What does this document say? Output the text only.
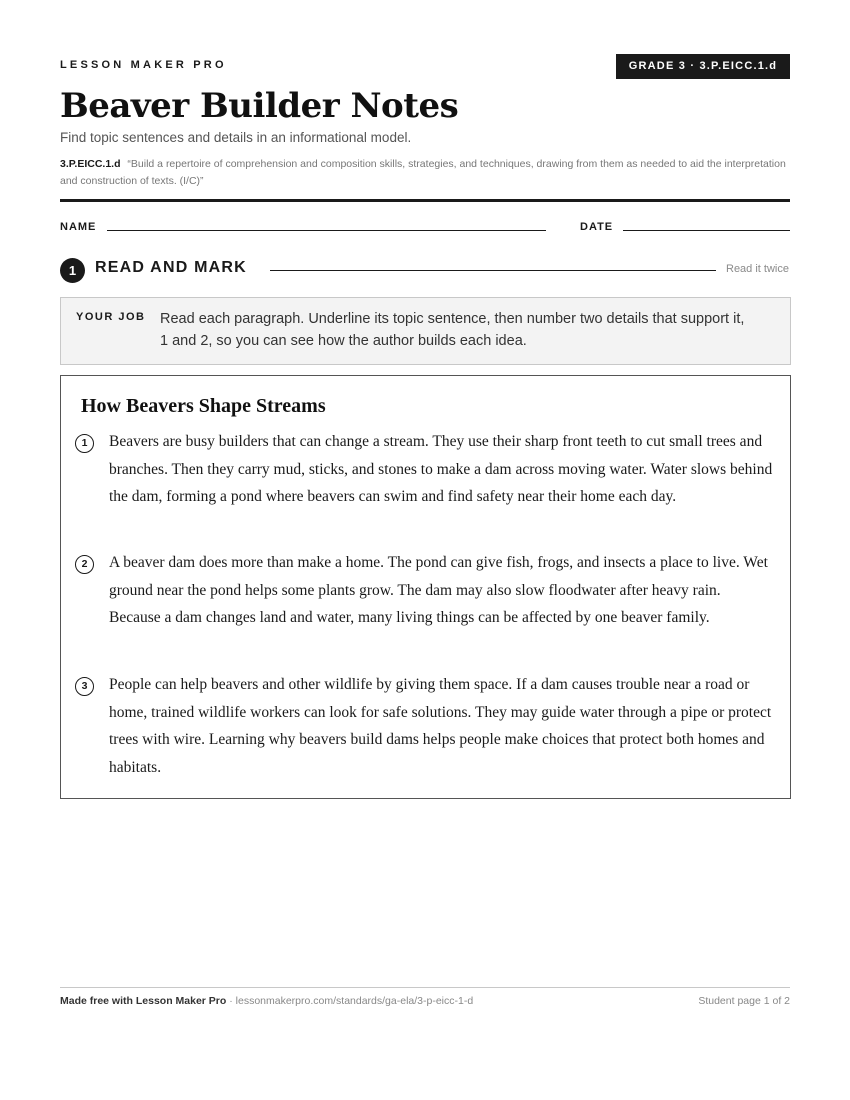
LESSON MAKER PRO	GRADE 3 · 3.P.EICC.1.d
Beaver Builder Notes
Find topic sentences and details in an informational model.
3.P.EICC.1.d “Build a repertoire of comprehension and composition skills, strategies, and techniques, drawing from them as needed to aid the interpretation and construction of texts. (I/C)”
NAME	DATE
1	READ AND MARK	Read it twice
YOUR JOB Read each paragraph. Underline its topic sentence, then number two details that support it, 1 and 2, so you can see how the author builds each idea.
How Beavers Shape Streams
1	Beavers are busy builders that can change a stream. They use their sharp front teeth to cut small trees and branches. Then they carry mud, sticks, and stones to make a dam across moving water. Water slows behind the dam, forming a pond where beavers can swim and find safety near their home each day.

2	A beaver dam does more than make a home. The pond can give fish, frogs, and insects a place to live. Wet ground near the pond helps some plants grow. The dam may also slow floodwater after heavy rain. Because a dam changes land and water, many living things can be affected by one beaver family.

3	People can help beavers and other wildlife by giving them space. If a dam causes trouble near a road or home, trained wildlife workers can look for safe solutions. They may guide water through a pipe or protect trees with wire. Learning why beavers build dams helps people make choices that protect both homes and habitats.

Made free with Lesson Maker Pro · lessonmakerpro.com/standards/ga-ela/3-p-eicc-1-d	Student page 1 of 2
